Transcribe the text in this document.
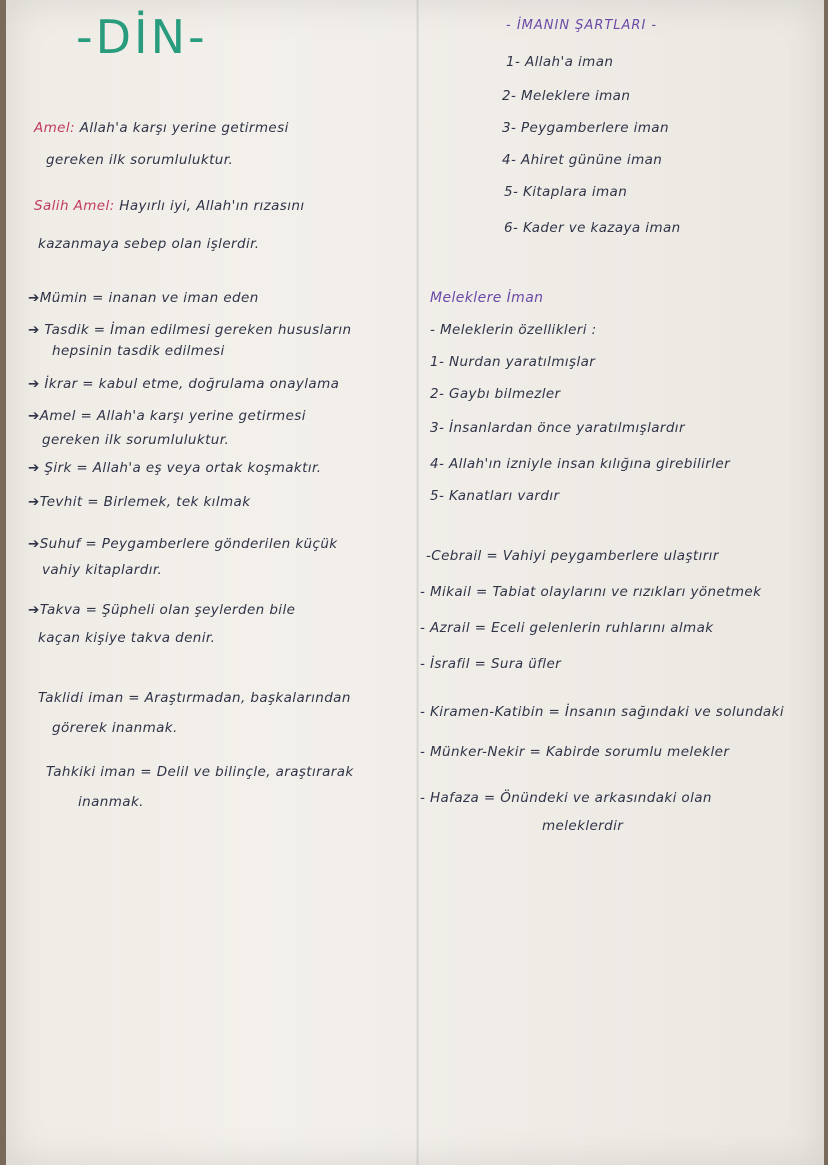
-DİN-
Amel: Allah'a karşı yerine getirmesi
gereken ilk sorumluluktur.
Salih Amel: Hayırlı iyi, Allah'ın rızasını
kazanmaya sebep olan işlerdir.
➔Mümin = inanan ve iman eden
➔ Tasdik = İman edilmesi gereken hususların
hepsinin tasdik edilmesi
➔ İkrar = kabul etme, doğrulama onaylama
➔Amel = Allah'a karşı yerine getirmesi
gereken ilk sorumluluktur.
➔ Şirk = Allah'a eş veya ortak koşmaktır.
➔Tevhit = Birlemek, tek kılmak
➔Suhuf = Peygamberlere gönderilen küçük
vahiy kitaplardır.
➔Takva = Şüpheli olan şeylerden bile
kaçan kişiye takva denir.
Taklidi iman = Araştırmadan, başkalarından
görerek inanmak.
Tahkiki iman = Delil ve bilinçle, araştırarak
inanmak.
- İMANIN ŞARTLARI -
1- Allah'a iman
2- Meleklere iman
3- Peygamberlere iman
4- Ahiret gününe iman
5- Kitaplara iman
6- Kader ve kazaya iman
Meleklere İman
- Meleklerin özellikleri :
1- Nurdan yaratılmışlar
2- Gaybı bilmezler
3- İnsanlardan önce yaratılmışlardır
4- Allah'ın izniyle insan kılığına girebilirler
5- Kanatları vardır
-Cebrail = Vahiyi peygamberlere ulaştırır
- Mikail = Tabiat olaylarını ve rızıkları yönetmek
- Azrail = Eceli gelenlerin ruhlarını almak
- İsrafil = Sura üfler
- Kiramen-Katibin = İnsanın sağındaki ve solundaki
- Münker-Nekir = Kabirde sorumlu melekler
- Hafaza = Önündeki ve arkasındaki olan
meleklerdir
